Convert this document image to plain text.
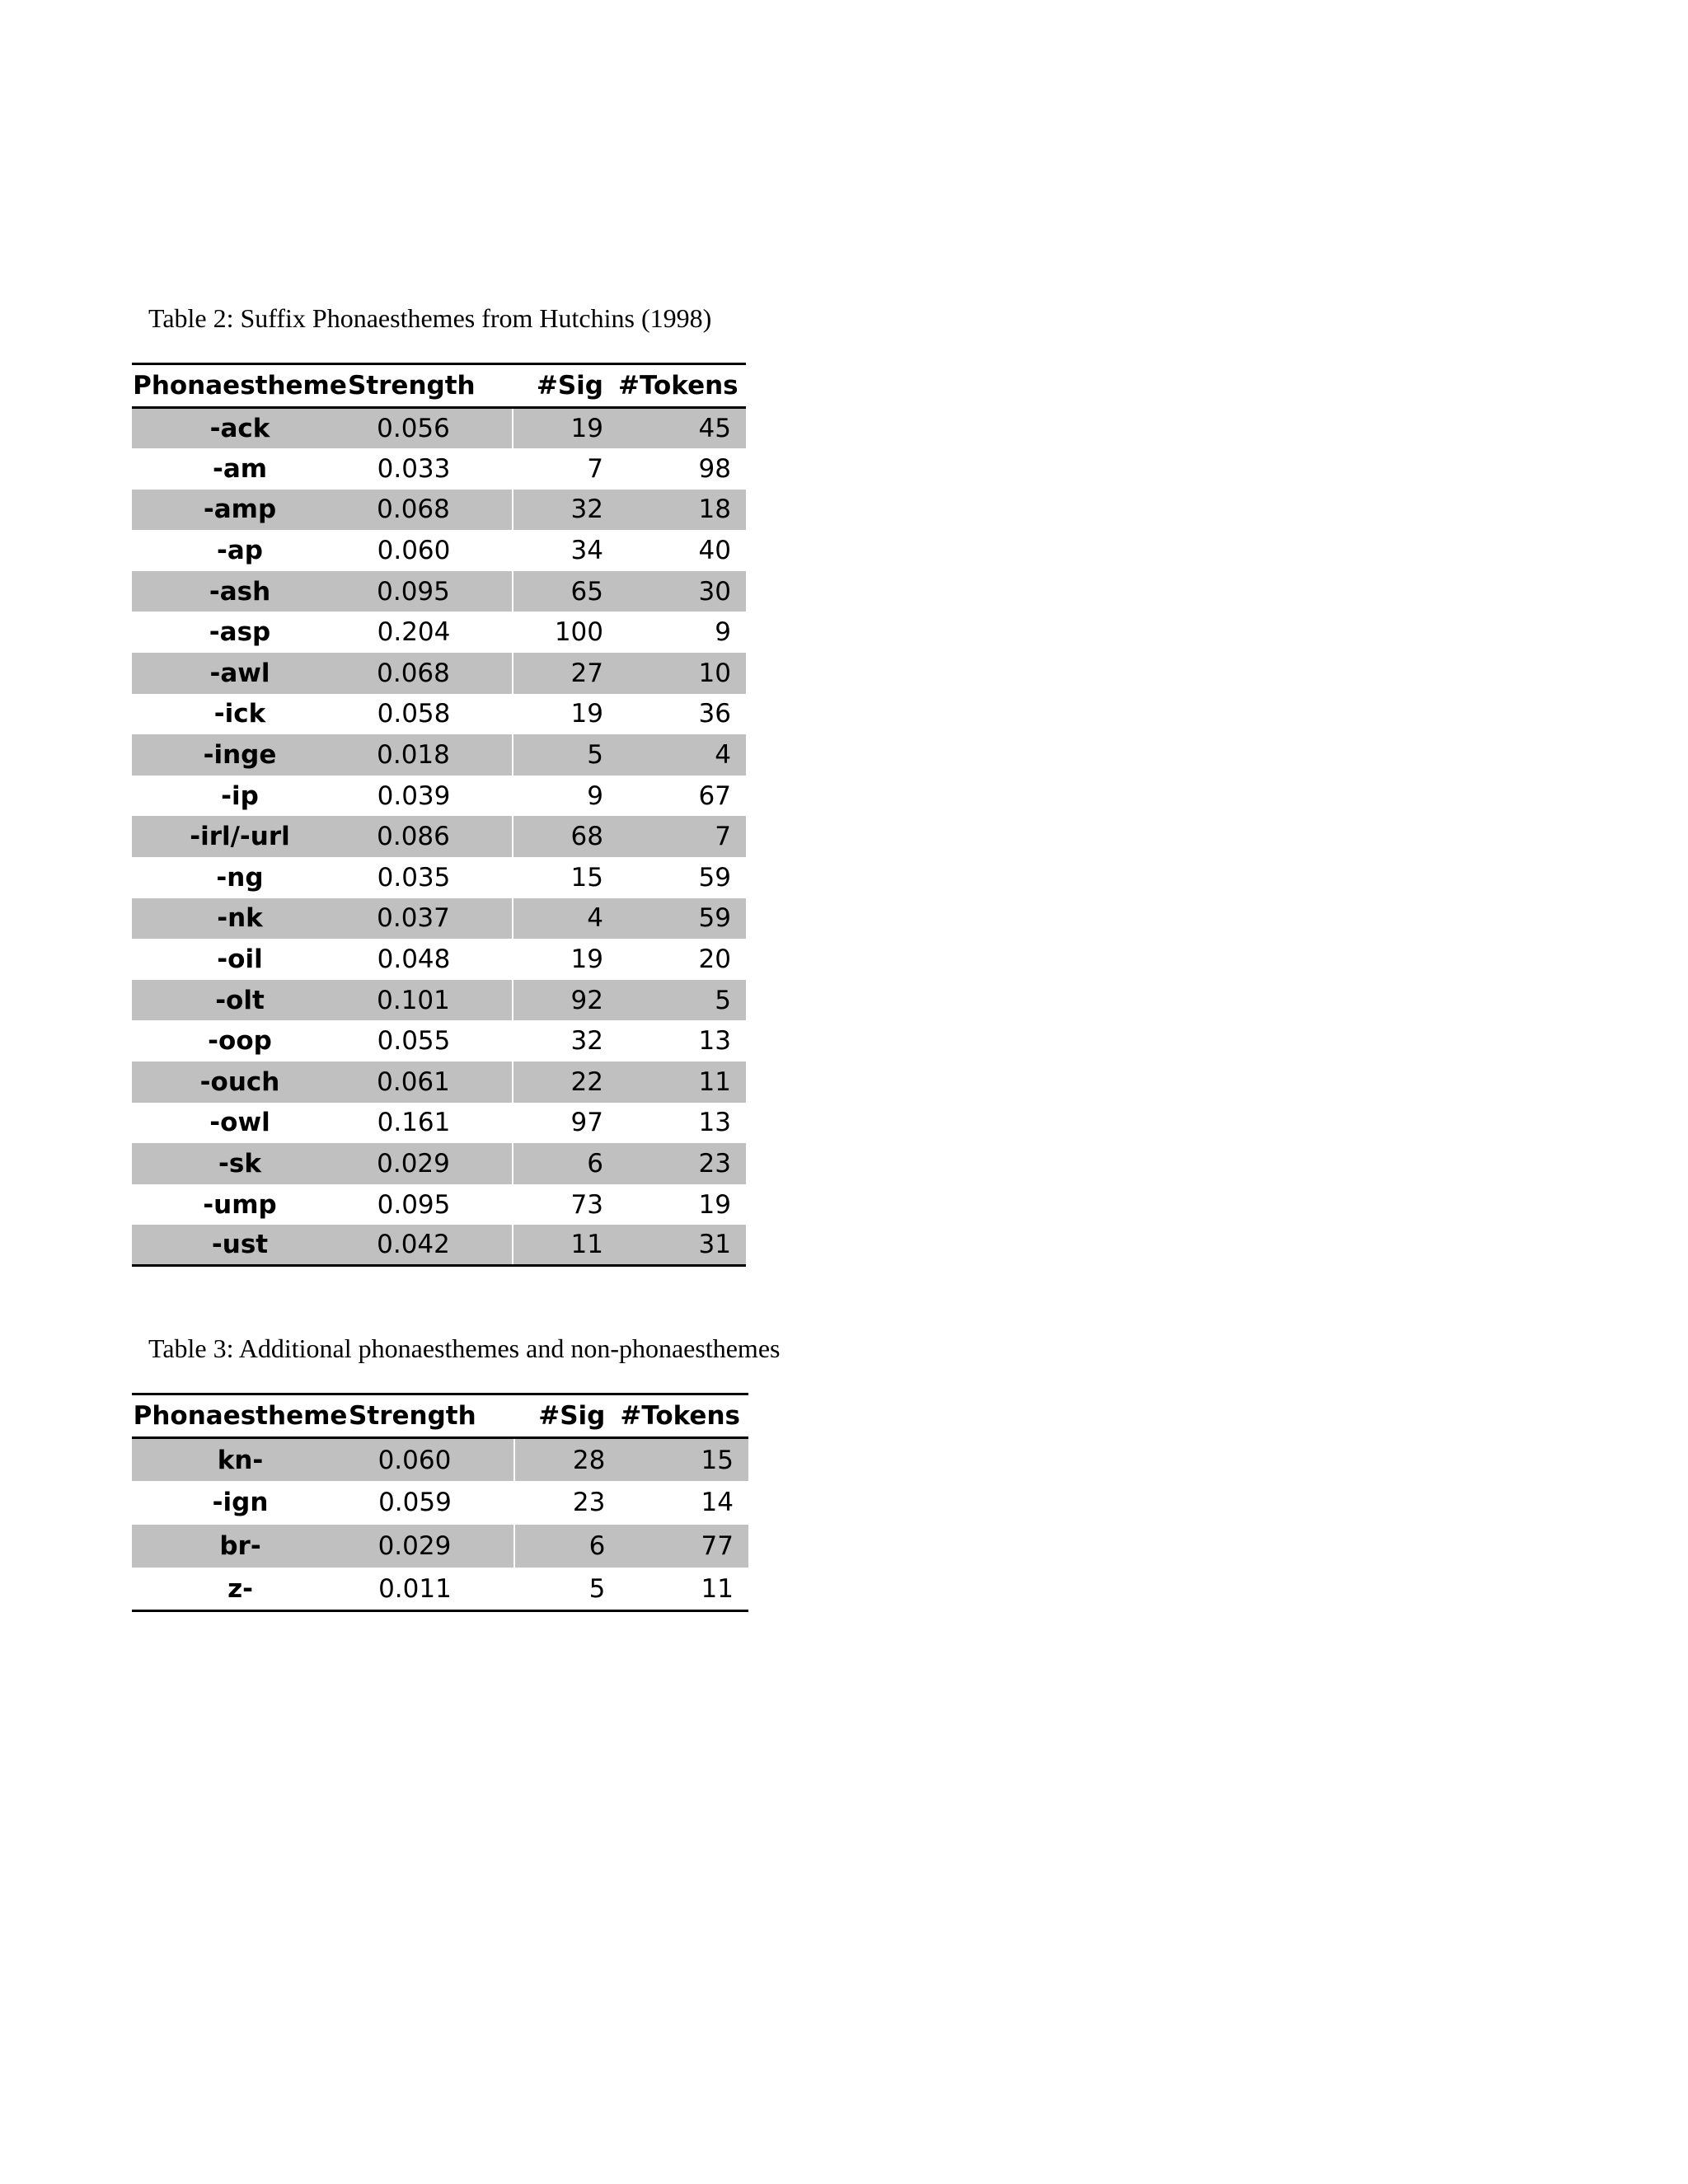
Table 2: Suffix Phonaesthemes from Hutchins (1998)
Phonaestheme	Strength	#Sig	#Tokens
-ack	0.056	19	45
-am	0.033	7	98
-amp	0.068	32	18
-ap	0.060	34	40
-ash	0.095	65	30
-asp	0.204	100	9
-awl	0.068	27	10
-ick	0.058	19	36
-inge	0.018	5	4
-ip	0.039	9	67
-irl/-url	0.086	68	7
-ng	0.035	15	59
-nk	0.037	4	59
-oil	0.048	19	20
-olt	0.101	92	5
-oop	0.055	32	13
-ouch	0.061	22	11
-owl	0.161	97	13
-sk	0.029	6	23
-ump	0.095	73	19
-ust	0.042	11	31
Table 3: Additional phonaesthemes and non-phonaesthemes
Phonaestheme	Strength	#Sig	#Tokens
kn-	0.060	28	15
-ign	0.059	23	14
br-	0.029	6	77
z-	0.011	5	11
